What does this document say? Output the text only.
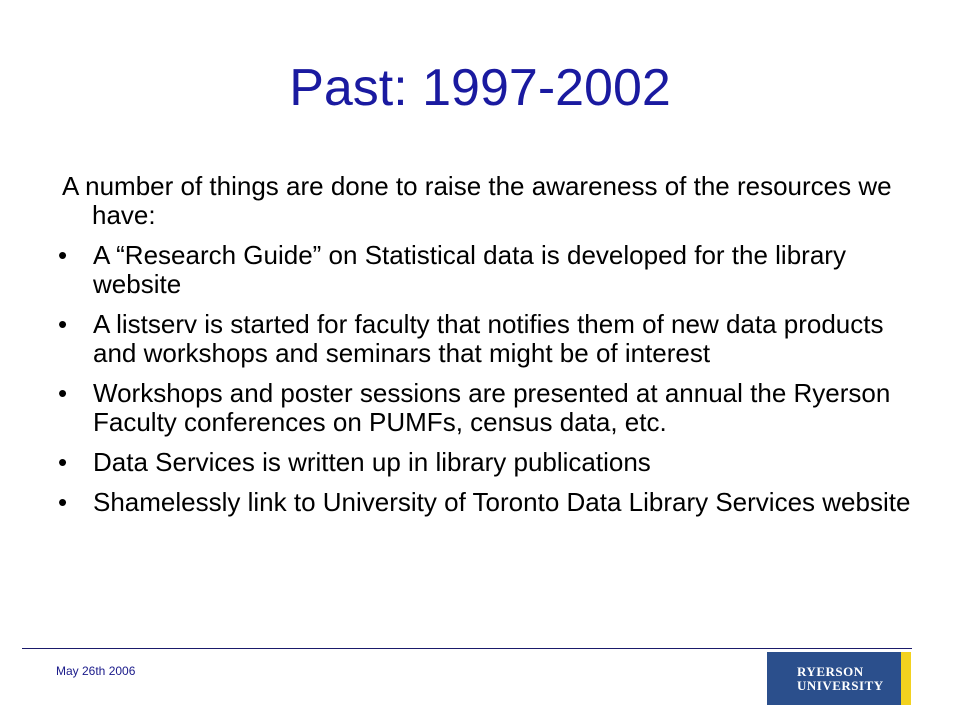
Past: 1997-2002

A number of things are done to raise the awareness of the resources we have:

• A “Research Guide” on Statistical data is developed for the library website
• A listserv is started for faculty that notifies them of new data products and workshops and seminars that might be of interest
• Workshops and poster sessions are presented at annual the Ryerson Faculty conferences on PUMFs, census data, etc.
• Data Services is written up in library publications
• Shamelessly link to University of Toronto Data Library Services website
May 26th 2006	RYERSON
UNIVERSITY
